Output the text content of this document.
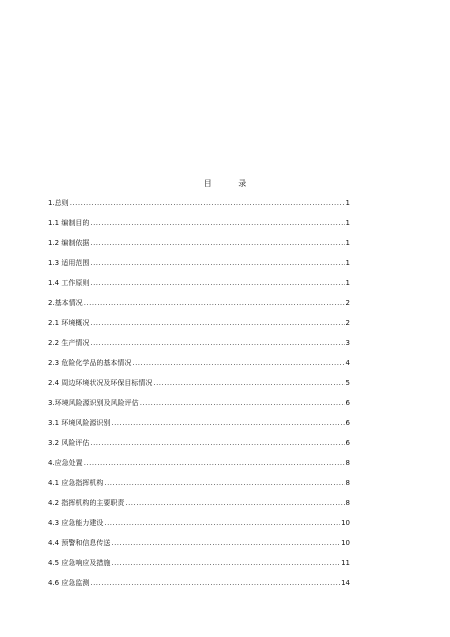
目 录
1.总则 .....	1
1.1 编制目的 .....	1
1.2 编制依据 .....	1
1.3 适用范围 .....	1
1.4 工作原则 .....	1
2.基本情况 .....	2
2.1 环境概况 .....	2
2.2 生产情况 .....	3
2.3 危险化学品的基本情况 .....	4
2.4 周边环境状况及环保目标情况 .....	5
3.环境风险源识别及风险评估 .....	6
3.1 环境风险源识别 .....	6
3.2 风险评估 .....	6
4.应急处置 .....	8
4.1 应急指挥机构 .....	8
4.2 指挥机构的主要职责 .....	8
4.3 应急能力建设 .....	10
4.4 预警和信息传送 .....	10
4.5 应急响应及措施 .....	11
4.6 应急监测 .....	14
